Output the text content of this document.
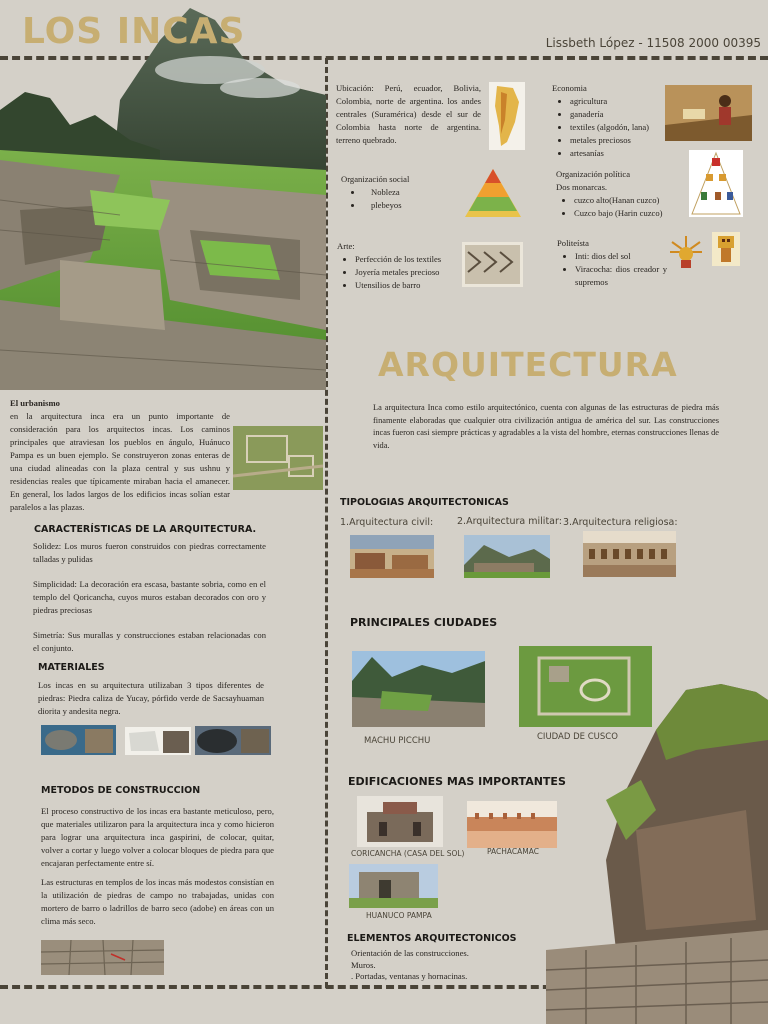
LOS INCAS	Lissbeth López - 11508 2000 00395
Ubicación: Perú, ecuador, Bolivia, Colombia, norte de argentina. los andes centrales (Suramérica) desde el sur de Colombia hasta norte de argentina. terreno quebrado.
Economia
• agricultura
• ganadería
• textiles (algodón, lana)
• metales preciosos
• artesanías
Organización social
• Nobleza
• plebeyos
Organización política
Dos monarcas.
• cuzco alto(Hanan cuzco)
• Cuzco bajo (Harin cuzco)
Arte:
• Perfección de los textiles
• Joyería metales precioso
• Utensilios de barro
Politeísta
• Inti: dios del sol
• Viracocha: dios creador y supremos
ARQUITECTURA
La arquitectura Inca como estilo arquitectónico, cuenta con algunas de las estructuras de piedra más finamente elaboradas que cualquier otra civilización antigua de américa del sur. Las construcciones incas fueron casi siempre prácticas y agradables a la vista del hombre, eternas construcciones llenas de vida.
TIPOLOGIAS ARQUITECTONICAS
1.Arquitectura civil:	2.Arquitectura militar: 3.Arquitectura religiosa:
PRINCIPALES CIUDADES
MACHU PICCHU	CIUDAD DE CUSCO
EDIFICACIONES MAS IMPORTANTES
CORICANCHA (CASA DEL SOL)	PACHACAMAC
HUANUCO PAMPA
ELEMENTOS ARQUITECTONICOS
Orientación de las construcciones.
Muros.
. Portadas, ventanas y hornacinas.
El urbanismo
en la arquitectura inca era un punto importante de consideración para los arquitectos incas. Los caminos principales que atraviesan los pueblos en ángulo, Huánuco Pampa es un buen ejemplo. Se construyeron zonas enteras de una ciudad alineadas con la plaza central y sus ushnu y residencias reales que típicamente miraban hacia el amanecer. En general, los lados largos de los edificios incas solían estar paralelos a las plazas.
CARACTERÍSTICAS DE LA ARQUITECTURA.

Solidez: Los muros fueron construidos con piedras correctamente talladas y pulidas

Simplicidad: La decoración era escasa, bastante sobria, como en el templo del Qoricancha, cuyos muros estaban decorados con oro y piedras preciosas

Simetría: Sus murallas y construcciones estaban relacionadas con el conjunto.

MATERIALES
Los incas en su arquitectura utilizaban 3 tipos diferentes de piedras: Piedra caliza de Yucay, pórfido verde de Sacsayhuaman diorita y andesita negra.
METODOS DE CONSTRUCCION

El proceso constructivo de los incas era bastante meticuloso, pero, que materiales utilizaron para la arquitectura inca y como hicieron para lograr una arquitectura inca gaspirini, de colocar, quitar, volver a cortar y luego volver a colocar bloques de piedra para que encajaran perfectamente entre sí.

Las estructuras en templos de los incas más modestos consistían en la utilización de piedras de campo no trabajadas, unidas con mortero de barro o ladrillos de barro seco (adobe) en áreas con un clima más seco.
